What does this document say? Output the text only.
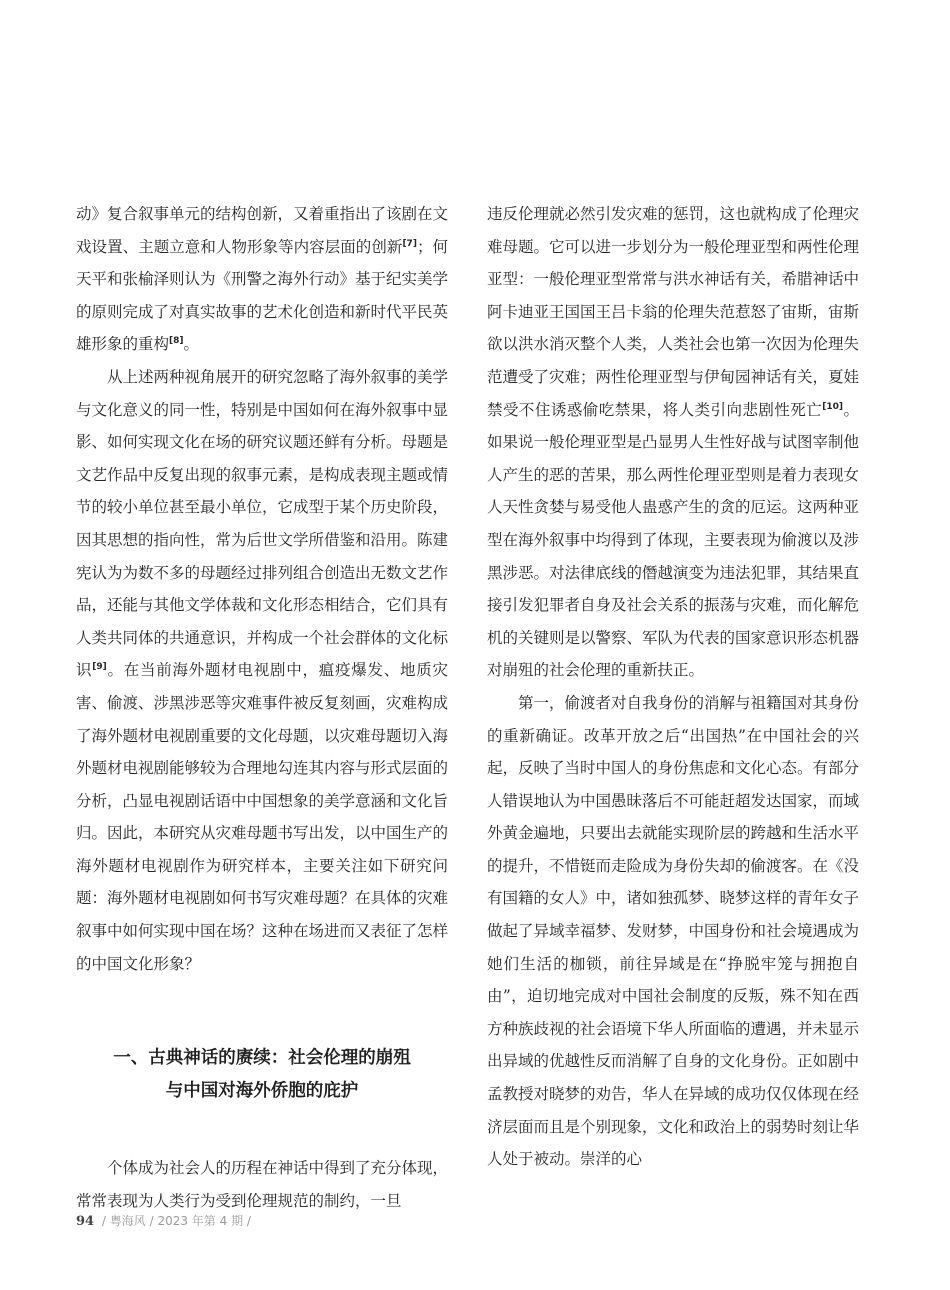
动》复合叙事单元的结构创新，又着重指出了该剧在文戏设置、主题立意和人物形象等内容层面的创新[7]；何天平和张榆泽则认为《刑警之海外行动》基于纪实美学的原则完成了对真实故事的艺术化创造和新时代平民英雄形象的重构[8]。

从上述两种视角展开的研究忽略了海外叙事的美学与文化意义的同一性，特别是中国如何在海外叙事中显影、如何实现文化在场的研究议题还鲜有分析。母题是文艺作品中反复出现的叙事元素，是构成表现主题或情节的较小单位甚至最小单位，它成型于某个历史阶段，因其思想的指向性，常为后世文学所借鉴和沿用。陈建宪认为为数不多的母题经过排列组合创造出无数文艺作品，还能与其他文学体裁和文化形态相结合，它们具有人类共同体的共通意识，并构成一个社会群体的文化标识[9]。在当前海外题材电视剧中，瘟疫爆发、地质灾害、偷渡、涉黑涉恶等灾难事件被反复刻画，灾难构成了海外题材电视剧重要的文化母题，以灾难母题切入海外题材电视剧能够较为合理地勾连其内容与形式层面的分析，凸显电视剧话语中中国想象的美学意涵和文化旨归。因此，本研究从灾难母题书写出发，以中国生产的海外题材电视剧作为研究样本，主要关注如下研究问题：海外题材电视剧如何书写灾难母题？在具体的灾难叙事中如何实现中国在场？这种在场进而又表征了怎样的中国文化形象？

一、古典神话的赓续：社会伦理的崩殂
与中国对海外侨胞的庇护

个体成为社会人的历程在神话中得到了充分体现，常常表现为人类行为受到伦理规范的制约，一旦

违反伦理就必然引发灾难的惩罚，这也就构成了伦理灾难母题。它可以进一步划分为一般伦理亚型和两性伦理亚型：一般伦理亚型常常与洪水神话有关，希腊神话中阿卡迪亚王国国王吕卡翁的伦理失范惹怒了宙斯，宙斯欲以洪水消灭整个人类，人类社会也第一次因为伦理失范遭受了灾难；两性伦理亚型与伊甸园神话有关，夏娃禁受不住诱惑偷吃禁果，将人类引向悲剧性死亡[10]。如果说一般伦理亚型是凸显男人生性好战与试图宰制他人产生的恶的苦果，那么两性伦理亚型则是着力表现女人天性贪婪与易受他人蛊惑产生的贪的厄运。这两种亚型在海外叙事中均得到了体现，主要表现为偷渡以及涉黑涉恶。对法律底线的僭越演变为违法犯罪，其结果直接引发犯罪者自身及社会关系的振荡与灾难，而化解危机的关键则是以警察、军队为代表的国家意识形态机器对崩殂的社会伦理的重新扶正。

第一，偷渡者对自我身份的消解与祖籍国对其身份的重新确证。改革开放之后“出国热”在中国社会的兴起，反映了当时中国人的身份焦虑和文化心态。有部分人错误地认为中国愚昧落后不可能赶超发达国家，而域外黄金遍地，只要出去就能实现阶层的跨越和生活水平的提升，不惜铤而走险成为身份失却的偷渡客。在《没有国籍的女人》中，诸如独孤梦、晓梦这样的青年女子做起了异域幸福梦、发财梦，中国身份和社会境遇成为她们生活的枷锁，前往异域是在“挣脱牢笼与拥抱自由”，迫切地完成对中国社会制度的反叛，殊不知在西方种族歧视的社会语境下华人所面临的遭遇，并未显示出异域的优越性反而消解了自身的文化身份。正如剧中孟教授对晓梦的劝告，华人在异域的成功仅仅体现在经济层面而且是个别现象，文化和政治上的弱势时刻让华人处于被动。崇洋的心

94 / 粤海风 / 2023 年第 4 期 /
